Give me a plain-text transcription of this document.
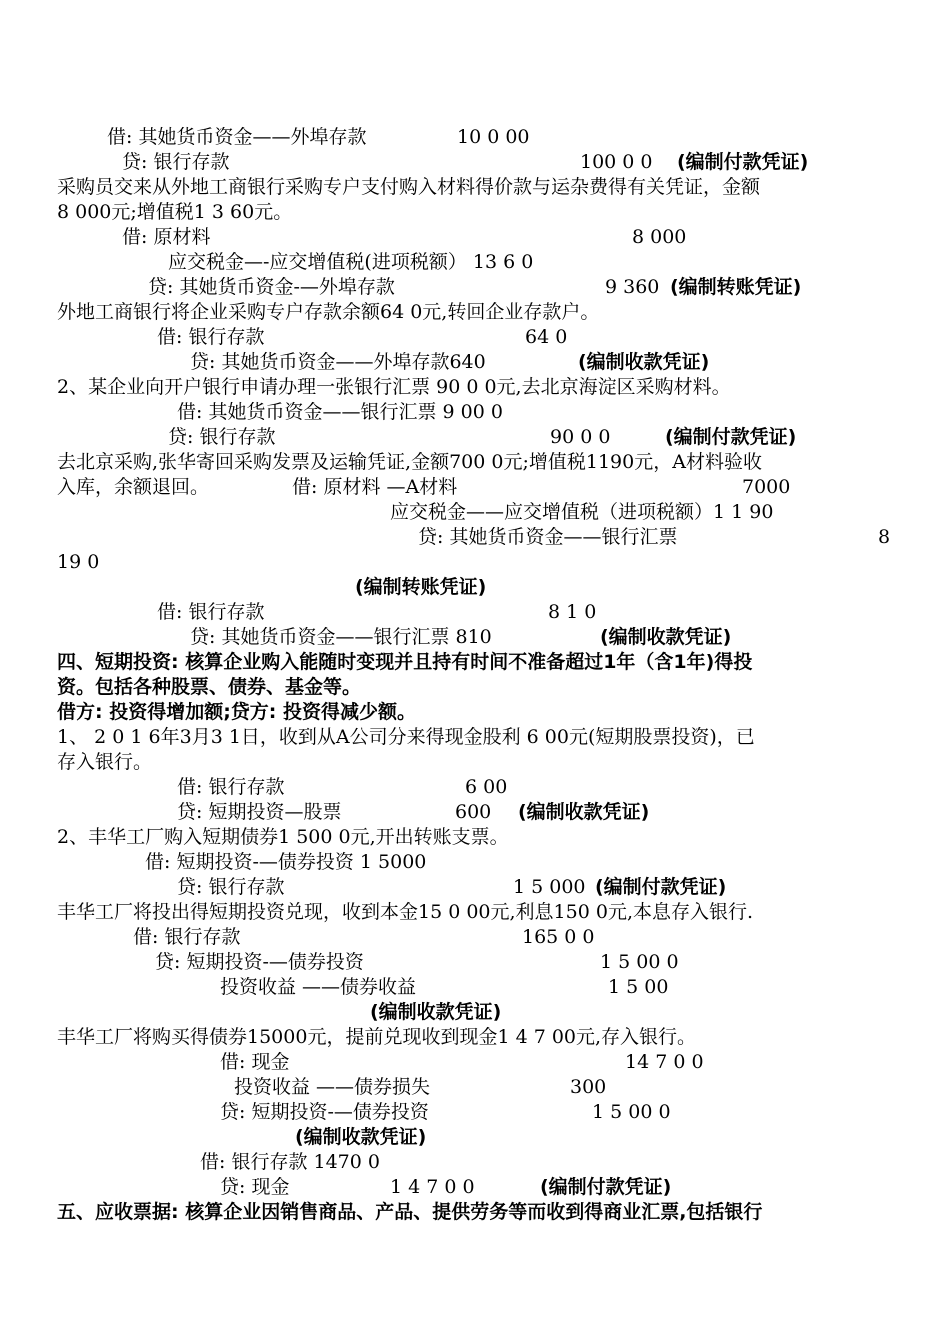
借: 其她货币资金——外埠存款	10 0 00
贷: 银行存款	100 0 0 (编制付款凭证)
采购员交来从外地工商银行采购专户支付购入材料得价款与运杂费得有关凭证，金额
8 000元;增值税1 3 60元。
借: 原材料	8 000
应交税金—-应交增值税(进项税额） 13 6 0
贷: 其她货币资金-—外埠存款	9 360 (编制转账凭证)
外地工商银行将企业采购专户存款余额64 0元,转回企业存款户。
借: 银行存款	64 0
贷: 其她货币资金——外埠存款640	(编制收款凭证)
2、某企业向开户银行申请办理一张银行汇票 90 0 0元,去北京海淀区采购材料。
借: 其她货币资金——银行汇票 9 00 0
贷: 银行存款	90 0 0	(编制付款凭证)
去北京采购,张华寄回采购发票及运输凭证,金额700 0元;增值税1190元，A材料验收
入库，余额退回。	借: 原材料 —A材料	7000
应交税金——应交增值税（进项税额）1 1 90
贷: 其她货币资金——银行汇票	8
19 0
(编制转账凭证)
借: 银行存款	8 1 0
贷: 其她货币资金——银行汇票 810	(编制收款凭证)
四、短期投资: 核算企业购入能随时变现并且持有时间不准备超过1年（含1年)得投
资。包括各种股票、债券、基金等。
借方: 投资得增加额;贷方: 投资得减少额。
1、 2 0 1 6年3月3 1日，收到从A公司分来得现金股利 6 00元(短期股票投资)，已
存入银行。
借: 银行存款	6 00
贷: 短期投资—股票	600 (编制收款凭证)
2、丰华工厂购入短期债券1 500 0元,开出转账支票。
借: 短期投资-—债券投资 1 5000
贷: 银行存款	1 5 000 (编制付款凭证)
丰华工厂将投出得短期投资兑现，收到本金15 0 00元,利息150 0元,本息存入银行.
借: 银行存款	165 0 0
贷: 短期投资-—债券投资	1 5 00 0
投资收益 ——债券收益	1 5 00
(编制收款凭证)
丰华工厂将购买得债券15000元，提前兑现收到现金1 4 7 00元,存入银行。
借: 现金	14 7 0 0
投资收益 ——债券损失	300
贷: 短期投资-—债券投资	1 5 00 0
(编制收款凭证)
借: 银行存款 1470 0
贷: 现金	1 4 7 0 0	(编制付款凭证)
五、应收票据: 核算企业因销售商品、产品、提供劳务等而收到得商业汇票,包括银行
